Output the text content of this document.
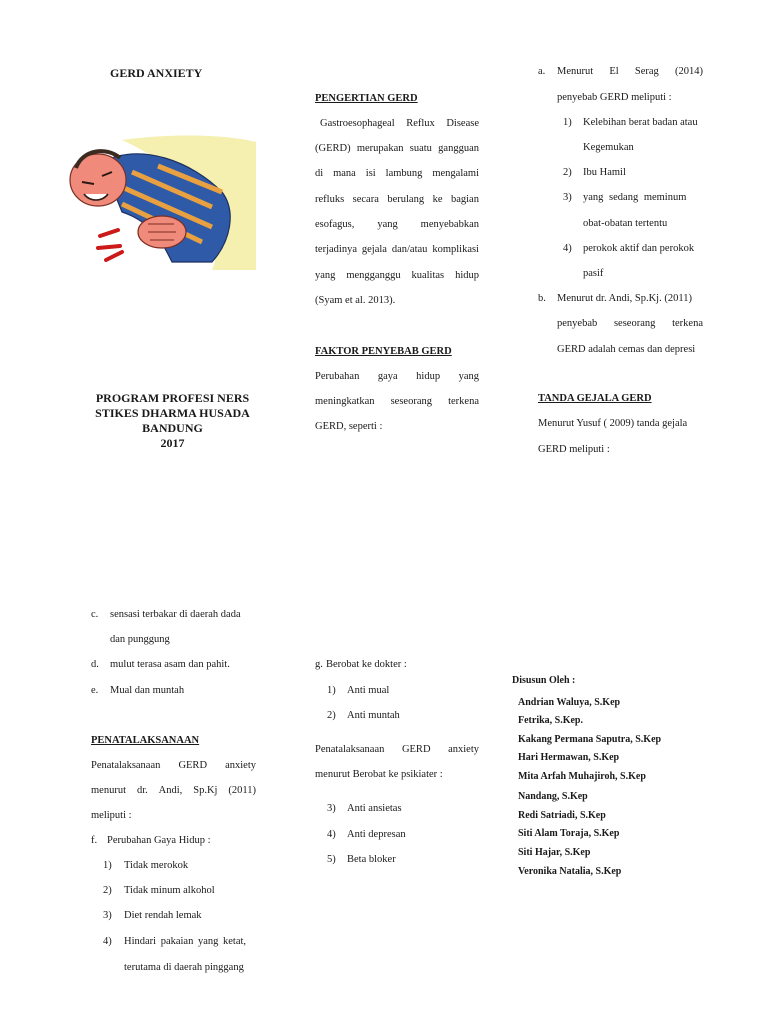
GERD ANXIETY
PROGRAM PROFESI NERS
STIKES DHARMA HUSADA
BANDUNG
2017
PENGERTIAN GERD
Gastroesophageal Reflux Disease
(GERD) merupakan suatu gangguan
di mana isi lambung mengalami
refluks secara berulang ke bagian
esofagus, yang menyebabkan
terjadinya gejala dan/atau komplikasi
yang mengganggu kualitas hidup
(Syam et al. 2013).
FAKTOR PENYEBAB GERD
Perubahan gaya hidup yang
meningkatkan seseorang terkena
GERD, seperti :
a. Menurut El Serag (2014)
penyebab GERD meliputi :
1) Kelebihan berat badan atau
Kegemukan
2) Ibu Hamil
3) yang sedang meminum
obat-obatan tertentu
4) perokok aktif dan perokok
pasif
b. Menurut dr. Andi, Sp.Kj. (2011)
penyebab seseorang terkena
GERD adalah cemas dan depresi
TANDA GEJALA GERD
Menurut Yusuf ( 2009) tanda gejala
GERD meliputi :
c. sensasi terbakar di daerah dada
dan punggung
d. mulut terasa asam dan pahit.
e. Mual dan muntah
PENATALAKSANAAN
Penatalaksanaan GERD anxiety
menurut dr. Andi, Sp.Kj (2011)
meliputi :
f. Perubahan Gaya Hidup :
1) Tidak merokok
2) Tidak minum alkohol
3) Diet rendah lemak
4) Hindari pakaian yang ketat,
terutama di daerah pinggang
g. Berobat ke dokter :
1) Anti mual
2) Anti muntah
Penatalaksanaan GERD anxiety
menurut Berobat ke psikiater :
3) Anti ansietas
4) Anti depresan
5) Beta bloker
Disusun Oleh :
Andrian Waluya, S.Kep
Fetrika, S.Kep.
Kakang Permana Saputra, S.Kep
Hari Hermawan, S.Kep
Mita Arfah Muhajiroh, S.Kep
Nandang, S.Kep
Redi Satriadi, S.Kep
Siti Alam Toraja, S.Kep
Siti Hajar, S.Kep
Veronika Natalia, S.Kep
